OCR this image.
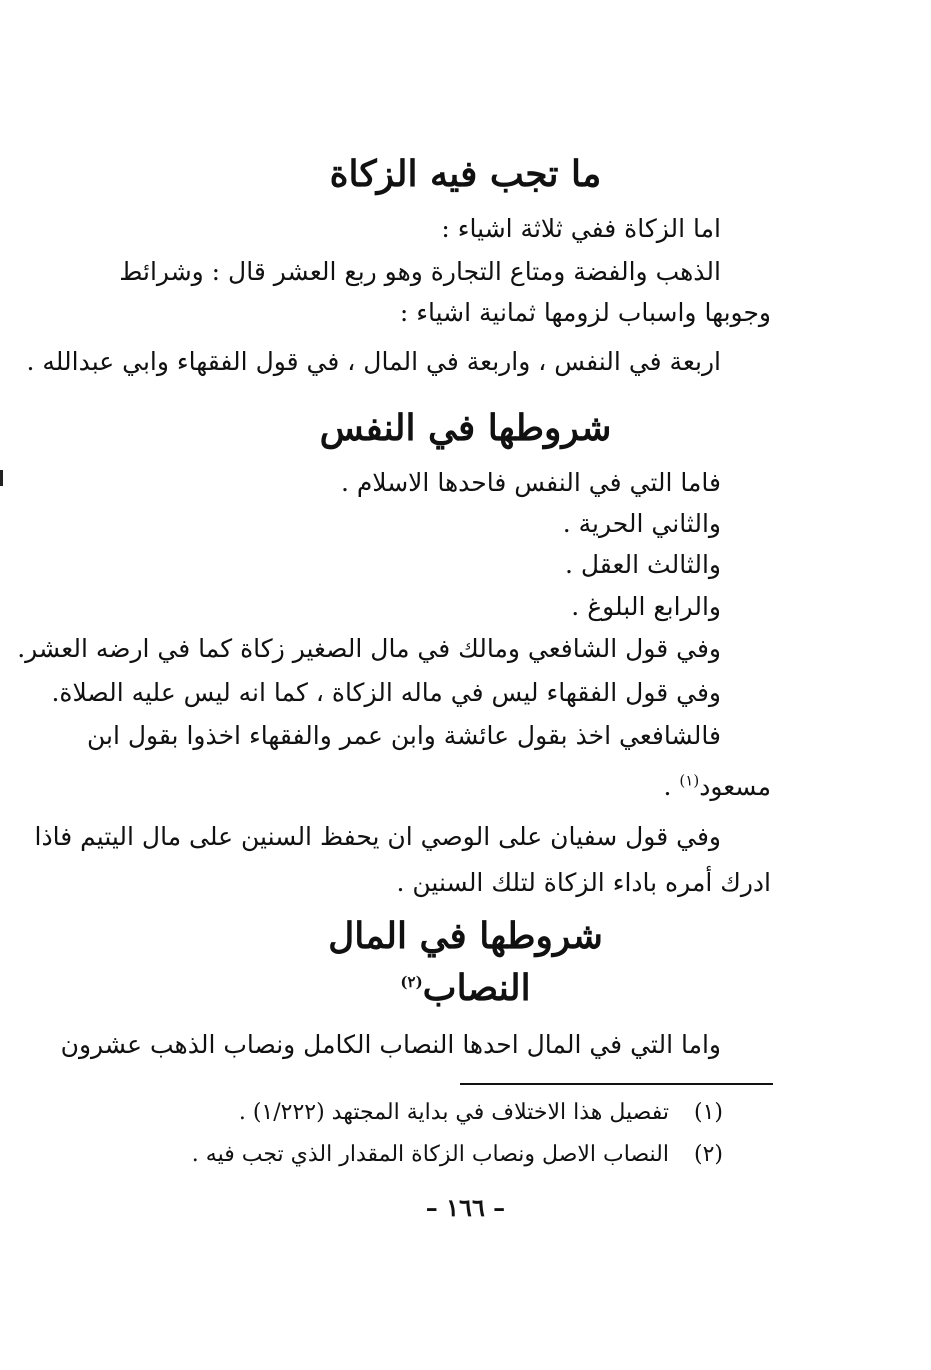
ما تجب فيه الزكاة
اما الزكاة ففي ثلاثة اشياء :
الذهب والفضة ومتاع التجارة وهو ربع العشر قال : وشرائط
وجوبها واسباب لزومها ثمانية اشياء :
اربعة في النفس ، واربعة في المال ، في قول الفقهاء وابي عبدالله .
شروطها في النفس
فاما التي في النفس فاحدها الاسلام .
والثاني الحرية .
والثالث العقل .
والرابع البلوغ .
وفي قول الشافعي ومالك في مال الصغير زكاة كما في ارضه العشر.
وفي قول الفقهاء ليس في ماله الزكاة ، كما انه ليس عليه الصلاة.
فالشافعي اخذ بقول عائشة وابن عمر والفقهاء اخذوا بقول ابن
مسعود$^{(١)}$ .
وفي قول سفيان على الوصي ان يحفظ السنين على مال اليتيم فاذا
ادرك أمره باداء الزكاة لتلك السنين .
شروطها في المال
النصاب$^{(٢)}$
واما التي في المال احدها النصاب الكامل ونصاب الذهب عشرون
(١)تفصيل هذا الاختلاف في بداية المجتهد (١/٢٢٢) .
(٢)النصاب الاصل ونصاب الزكاة المقدار الذي تجب فيه .
– ١٦٦ –
